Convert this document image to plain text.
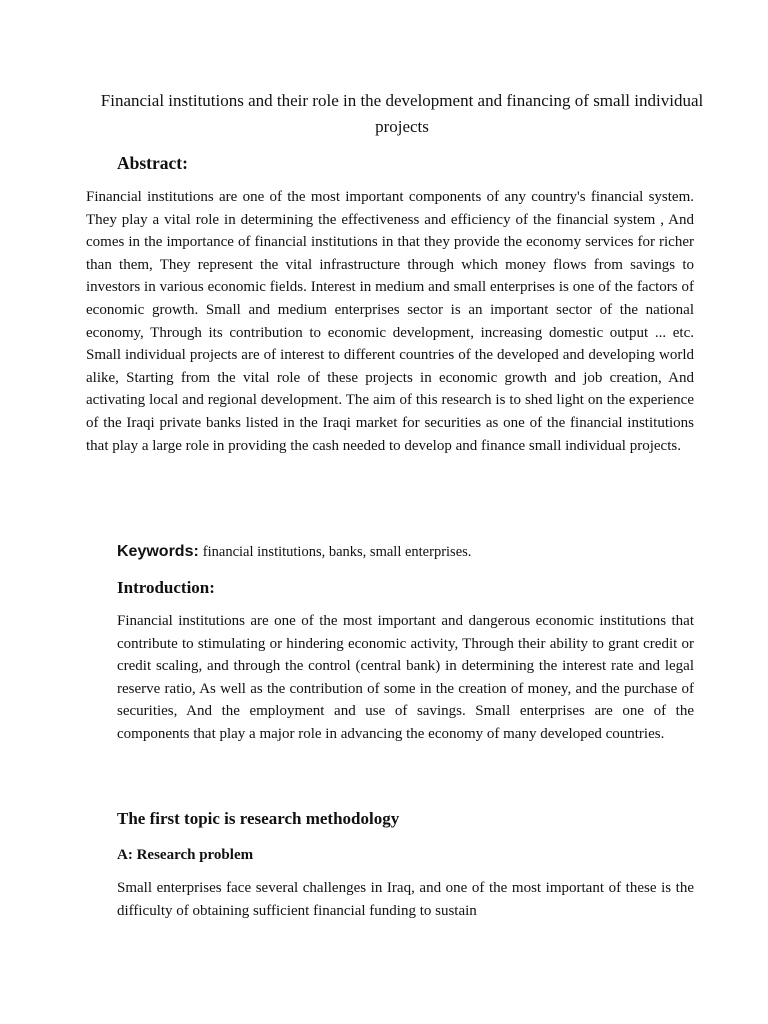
Financial institutions and their role in the development and financing of small individual projects
Abstract:

Financial institutions are one of the most important components of any country's financial system. They play a vital role in determining the effectiveness and efficiency of the financial system , And comes in the importance of financial institutions in that they provide the economy services for richer than them, They represent the vital infrastructure through which money flows from savings to investors in various economic fields. Interest in medium and small enterprises is one of the factors of economic growth. Small and medium enterprises sector is an important sector of the national economy, Through its contribution to economic development, increasing domestic output ... etc. Small individual projects are of interest to different countries of the developed and developing world alike, Starting from the vital role of these projects in economic growth and job creation, And activating local and regional development. The aim of this research is to shed light on the experience of the Iraqi private banks listed in the Iraqi market for securities as one of the financial institutions that play a large role in providing the cash needed to develop and finance small individual projects.

Keywords: financial institutions, banks, small enterprises.

Introduction:

Financial institutions are one of the most important and dangerous economic institutions that contribute to stimulating or hindering economic activity, Through their ability to grant credit or credit scaling, and through the control (central bank) in determining the interest rate and legal reserve ratio, As well as the contribution of some in the creation of money, and the purchase of securities, And the employment and use of savings. Small enterprises are one of the components that play a major role in advancing the economy of many developed countries.

The first topic is research methodology
A: Research problem

Small enterprises face several challenges in Iraq, and one of the most important of these is the difficulty of obtaining sufficient financial funding to sustain
